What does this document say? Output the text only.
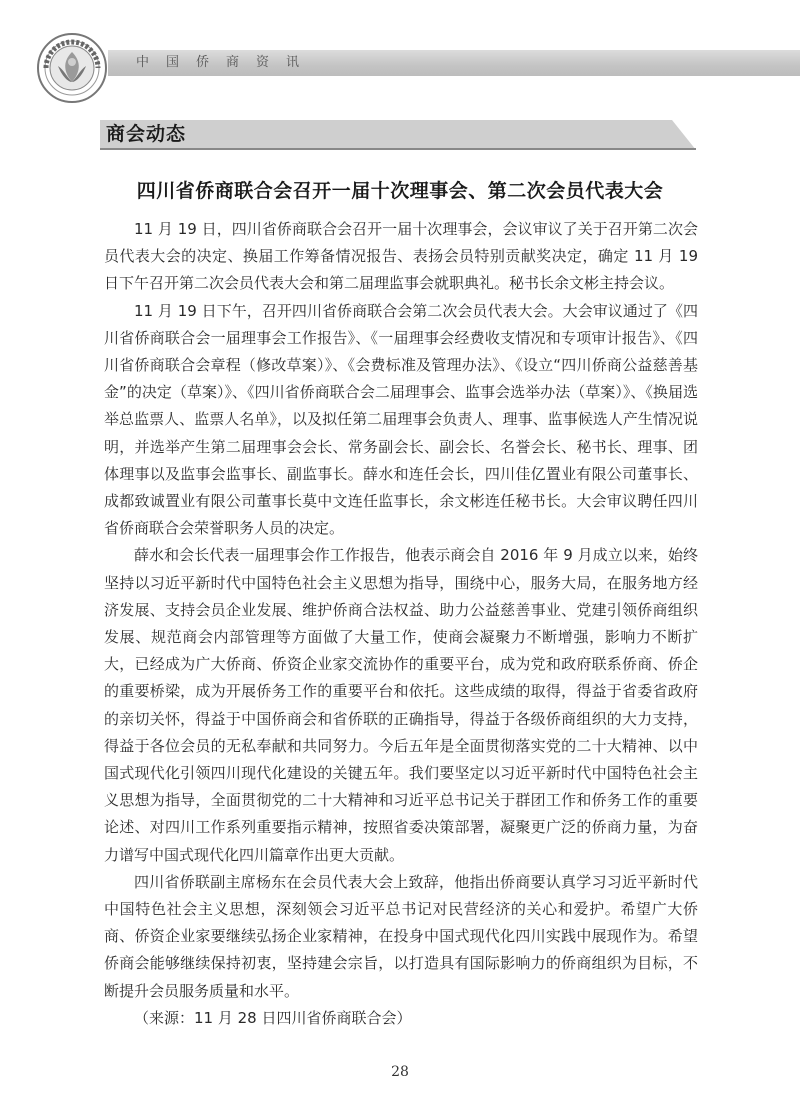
中国侨商资讯
商会动态
四川省侨商联合会召开一届十次理事会、第二次会员代表大会

11 月 19 日，四川省侨商联合会召开一届十次理事会，会议审议了关于召开第二次会员代表大会的决定、换届工作筹备情况报告、表扬会员特别贡献奖决定，确定 11 月 19 日下午召开第二次会员代表大会和第二届理监事会就职典礼。秘书长余文彬主持会议。

11 月 19 日下午，召开四川省侨商联合会第二次会员代表大会。大会审议通过了《四川省侨商联合会一届理事会工作报告》、《一届理事会经费收支情况和专项审计报告》、《四川省侨商联合会章程（修改草案）》、《会费标准及管理办法》、《设立“四川侨商公益慈善基金”的决定（草案）》、《四川省侨商联合会二届理事会、监事会选举办法（草案）》、《换届选举总监票人、监票人名单》，以及拟任第二届理事会负责人、理事、监事候选人产生情况说明，并选举产生第二届理事会会长、常务副会长、副会长、名誉会长、秘书长、理事、团体理事以及监事会监事长、副监事长。薛水和连任会长，四川佳亿置业有限公司董事长、成都致诚置业有限公司董事长莫中文连任监事长，余文彬连任秘书长。大会审议聘任四川省侨商联合会荣誉职务人员的决定。

薛水和会长代表一届理事会作工作报告，他表示商会自 2016 年 9 月成立以来，始终坚持以习近平新时代中国特色社会主义思想为指导，围绕中心，服务大局，在服务地方经济发展、支持会员企业发展、维护侨商合法权益、助力公益慈善事业、党建引领侨商组织发展、规范商会内部管理等方面做了大量工作，使商会凝聚力不断增强，影响力不断扩大，已经成为广大侨商、侨资企业家交流协作的重要平台，成为党和政府联系侨商、侨企的重要桥梁，成为开展侨务工作的重要平台和依托。这些成绩的取得，得益于省委省政府的亲切关怀，得益于中国侨商会和省侨联的正确指导，得益于各级侨商组织的大力支持，得益于各位会员的无私奉献和共同努力。今后五年是全面贯彻落实党的二十大精神、以中国式现代化引领四川现代化建设的关键五年。我们要坚定以习近平新时代中国特色社会主义思想为指导，全面贯彻党的二十大精神和习近平总书记关于群团工作和侨务工作的重要论述、对四川工作系列重要指示精神，按照省委决策部署，凝聚更广泛的侨商力量，为奋力谱写中国式现代化四川篇章作出更大贡献。

四川省侨联副主席杨东在会员代表大会上致辞，他指出侨商要认真学习习近平新时代中国特色社会主义思想，深刻领会习近平总书记对民营经济的关心和爱护。希望广大侨商、侨资企业家要继续弘扬企业家精神，在投身中国式现代化四川实践中展现作为。希望侨商会能够继续保持初衷，坚持建会宗旨，以打造具有国际影响力的侨商组织为目标，不断提升会员服务质量和水平。

（来源：11 月 28 日四川省侨商联合会）

28
